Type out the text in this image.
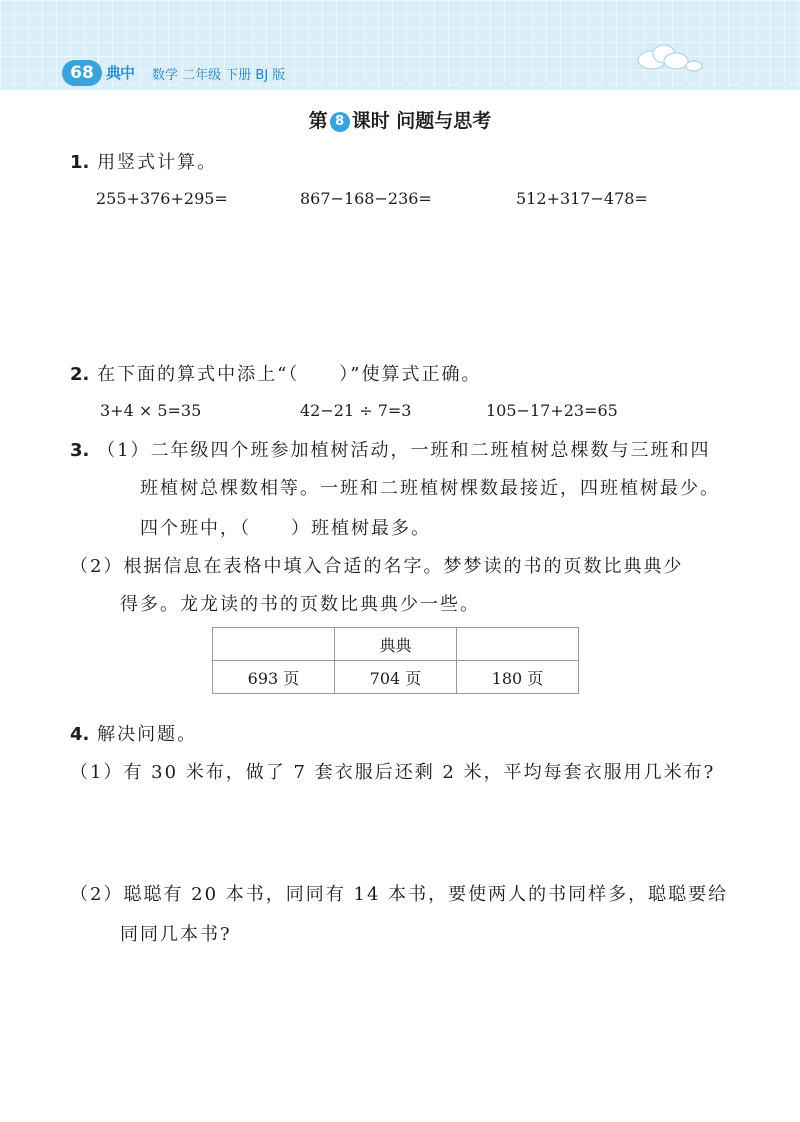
68 典中 数学 二年级 下册 BJ 版
第 8 课时 问题与思考
1. 用竖式计算。
255+376+295=	867−168−236=	512+317−478=
2. 在下面的算式中添上“（　　）”使算式正确。
3+4 × 5=35	42−21 ÷ 7=3	105−17+23=65
3. （1）二年级四个班参加植树活动，一班和二班植树总棵数与三班和四
班植树总棵数相等。一班和二班植树棵数最接近，四班植树最少。
四个班中，（　　）班植树最多。
（2）根据信息在表格中填入合适的名字。梦梦读的书的页数比典典少
得多。龙龙读的书的页数比典典少一些。
	典典	
693 页	704 页	180 页
4. 解决问题。
（1）有 30 米布，做了 7 套衣服后还剩 2 米，平均每套衣服用几米布?
（2）聪聪有 20 本书，同同有 14 本书，要使两人的书同样多，聪聪要给
同同几本书?
